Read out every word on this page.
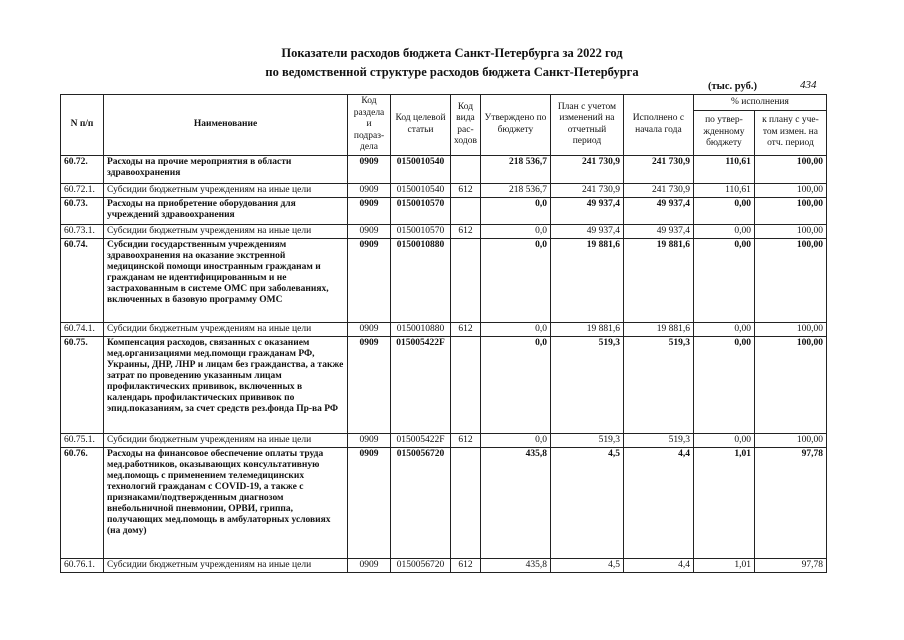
Показатели расходов бюджета Санкт-Петербурга за 2022 год
по ведомственной структуре расходов бюджета Санкт-Петербурга
(тыс. руб.)	434
N п/п	Наименование	Код раздела и подраз-дела	Код целевой статьи	Код вида рас-ходов	Утверждено по бюджету	План с учетом изменений на отчетный период	Исполнено с начала года	% исполнения	
								по утвер-жденному бюджету	к плану с уче-том измен. на отч. период
60.72.	Расходы на прочие мероприятия в области здравоохранения	0909	0150010540		218 536,7	241 730,9	241 730,9	110,61	100,00
60.72.1.	Субсидии бюджетным учреждениям на иные цели	0909	0150010540	612	218 536,7	241 730,9	241 730,9	110,61	100,00
60.73.	Расходы на приобретение оборудования для учреждений здравоохранения	0909	0150010570		0,0	49 937,4	49 937,4	0,00	100,00
60.73.1.	Субсидии бюджетным учреждениям на иные цели	0909	0150010570	612	0,0	49 937,4	49 937,4	0,00	100,00
60.74.	Субсидии государственным учреждениям здравоохранения на оказание экстренной медицинской помощи иностранным гражданам и гражданам не идентифицированным и не застрахованным в системе ОМС при заболеваниях, включенных в базовую программу ОМС	0909	0150010880		0,0	19 881,6	19 881,6	0,00	100,00
60.74.1.	Субсидии бюджетным учреждениям на иные цели	0909	0150010880	612	0,0	19 881,6	19 881,6	0,00	100,00
60.75.	Компенсация расходов, связанных с оказанием мед.организациями мед.помощи гражданам РФ, Украины, ДНР, ЛНР и лицам без гражданства, а также затрат по проведению указанным лицам профилактических прививок, включенных в календарь профилактических прививок по эпид.показаниям, за счет средств рез.фонда Пр-ва РФ	0909	015005422F		0,0	519,3	519,3	0,00	100,00
60.75.1.	Субсидии бюджетным учреждениям на иные цели	0909	015005422F	612	0,0	519,3	519,3	0,00	100,00
60.76.	Расходы на финансовое обеспечение оплаты труда мед.работников, оказывающих консультативную мед.помощь с применением телемедицинских технологий гражданам с COVID-19, а также с признаками/подтвержденным диагнозом внебольничной пневмонии, ОРВИ, гриппа, получающих мед.помощь в амбулаторных условиях (на дому)	0909	0150056720		435,8	4,5	4,4	1,01	97,78
60.76.1.	Субсидии бюджетным учреждениям на иные цели	0909	0150056720	612	435,8	4,5	4,4	1,01	97,78
